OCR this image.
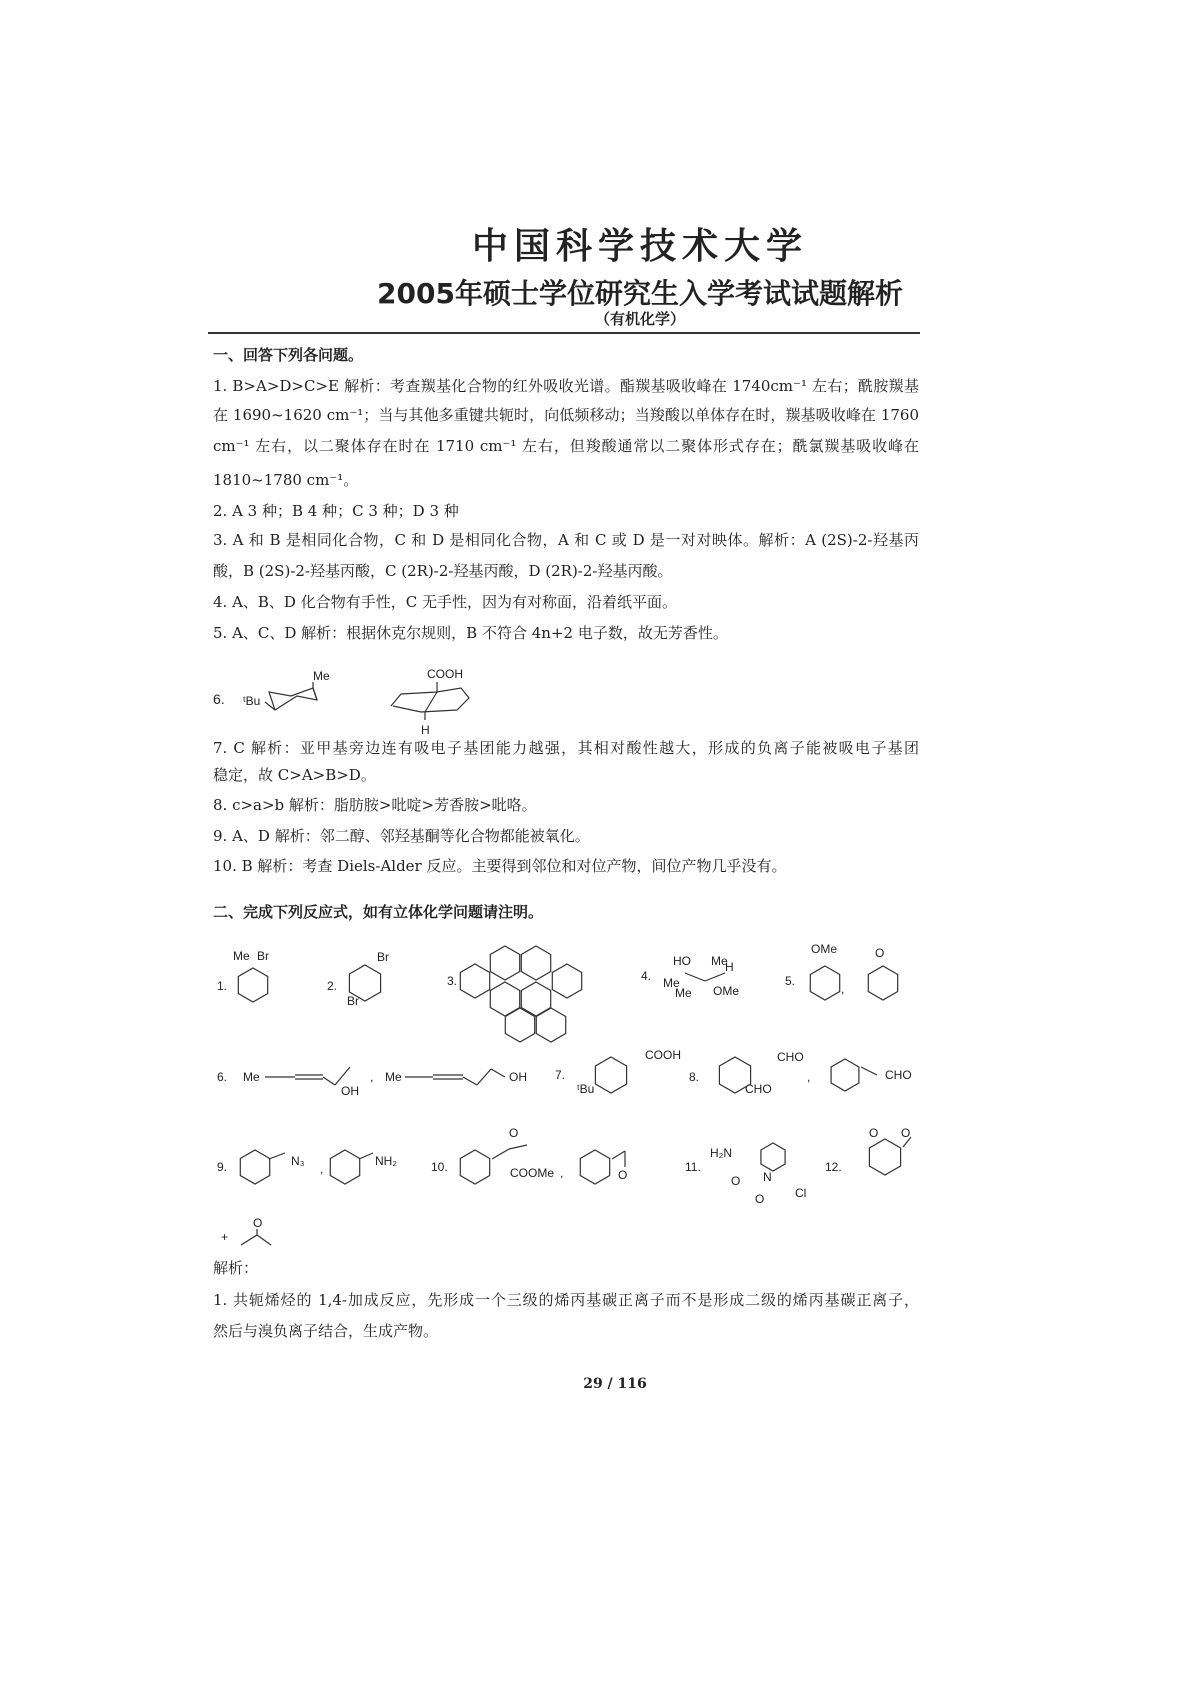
中国科学技术大学
2005年硕士学位研究生入学考试试题解析
（有机化学）
一、回答下列各问题。
1. B>A>D>C>E 解析：考查羰基化合物的红外吸收光谱。酯羰基吸收峰在 1740cm⁻¹ 左右；酰胺羰基
在 1690~1620 cm⁻¹；当与其他多重键共轭时，向低频移动；当羧酸以单体存在时，羰基吸收峰在 1760
cm⁻¹ 左右，以二聚体存在时在 1710 cm⁻¹ 左右，但羧酸通常以二聚体形式存在；酰氯羰基吸收峰在
1810~1780 cm⁻¹。
2. A 3 种；B 4 种；C 3 种；D 3 种
3. A 和 B 是相同化合物，C 和 D 是相同化合物，A 和 C 或 D 是一对对映体。解析：A (2S)-2-羟基丙
酸，B (2S)-2-羟基丙酸，C (2R)-2-羟基丙酸，D (2R)-2-羟基丙酸。
4. A、B、D 化合物有手性，C 无手性，因为有对称面，沿着纸平面。
5. A、C、D 解析：根据休克尔规则，B 不符合 4n+2 电子数，故无芳香性。
6. ᵗBu
Me	COOH
H
7. C 解析：亚甲基旁边连有吸电子基团能力越强，其相对酸性越大，形成的负离子能被吸电子基团
稳定，故 C>A>B>D。
8. c>a>b 解析：脂肪胺>吡啶>芳香胺>吡咯。
9. A、D 解析：邻二醇、邻羟基酮等化合物都能被氧化。
10. B 解析：考查 Diels-Alder 反应。主要得到邻位和对位产物，间位产物几乎没有。
二、完成下列反应式，如有立体化学问题请注明。
1.
Me Br
2.
Br
Br
3.	4.
HO Me
H
Me
Me OMe
5.
OMe
,
O
6. Me
OH
, Me	OH 7.
COOH
ᵗBu
8.
CHO
CHO
,	CHO
9.	N₃
,
NH₂	10.	COOMe
O
,	O
11.
H₂N
O N
O	Cl
12.
O O
+
O
解析：
1. 共轭烯烃的 1,4-加成反应，先形成一个三级的烯丙基碳正离子而不是形成二级的烯丙基碳正离子，
然后与溴负离子结合，生成产物。
29 / 116
